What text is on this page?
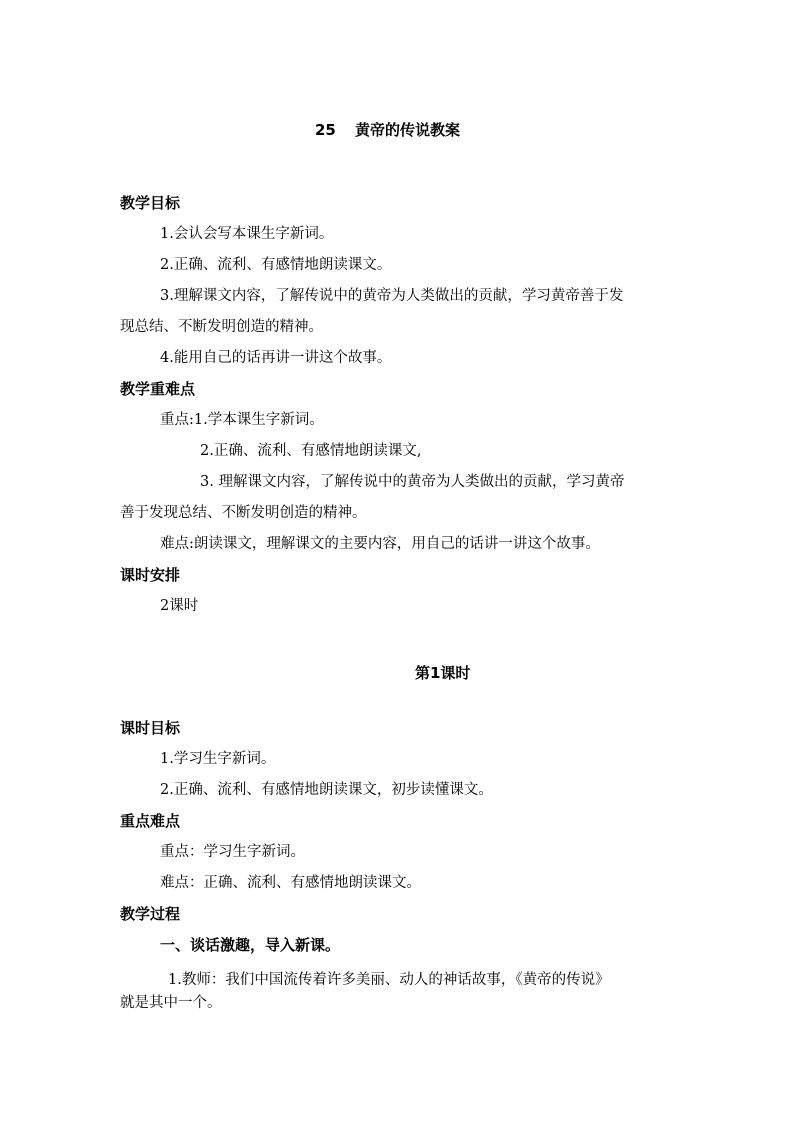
25 黄帝的传说教案
教学目标
1.会认会写本课生字新词。
2.正确、流利、有感情地朗读课文。
3.理解课文内容，了解传说中的黄帝为人类做出的贡献，学习黄帝善于发
现总结、不断发明创造的精神。
4.能用自己的话再讲一讲这个故事。
教学重难点
重点:1.学本课生字新词。
2.正确、流利、有感情地朗读课文,
3. 理解课文内容，了解传说中的黄帝为人类做出的贡献，学习黄帝
善于发现总结、不断发明创造的精神。
难点:朗读课文，理解课文的主要内容，用自己的话讲一讲这个故事。
课时安排
2课时
第1课时
课时目标
1.学习生字新词。
2.正确、流利、有感情地朗读课文，初步读懂课文。
重点难点
重点：学习生字新词。
难点：正确、流利、有感情地朗读课文。
教学过程
一、谈话激趣，导入新课。
1.教师：我们中国流传着许多美丽、动人的神话故事，《黄帝的传说》
就是其中一个。
